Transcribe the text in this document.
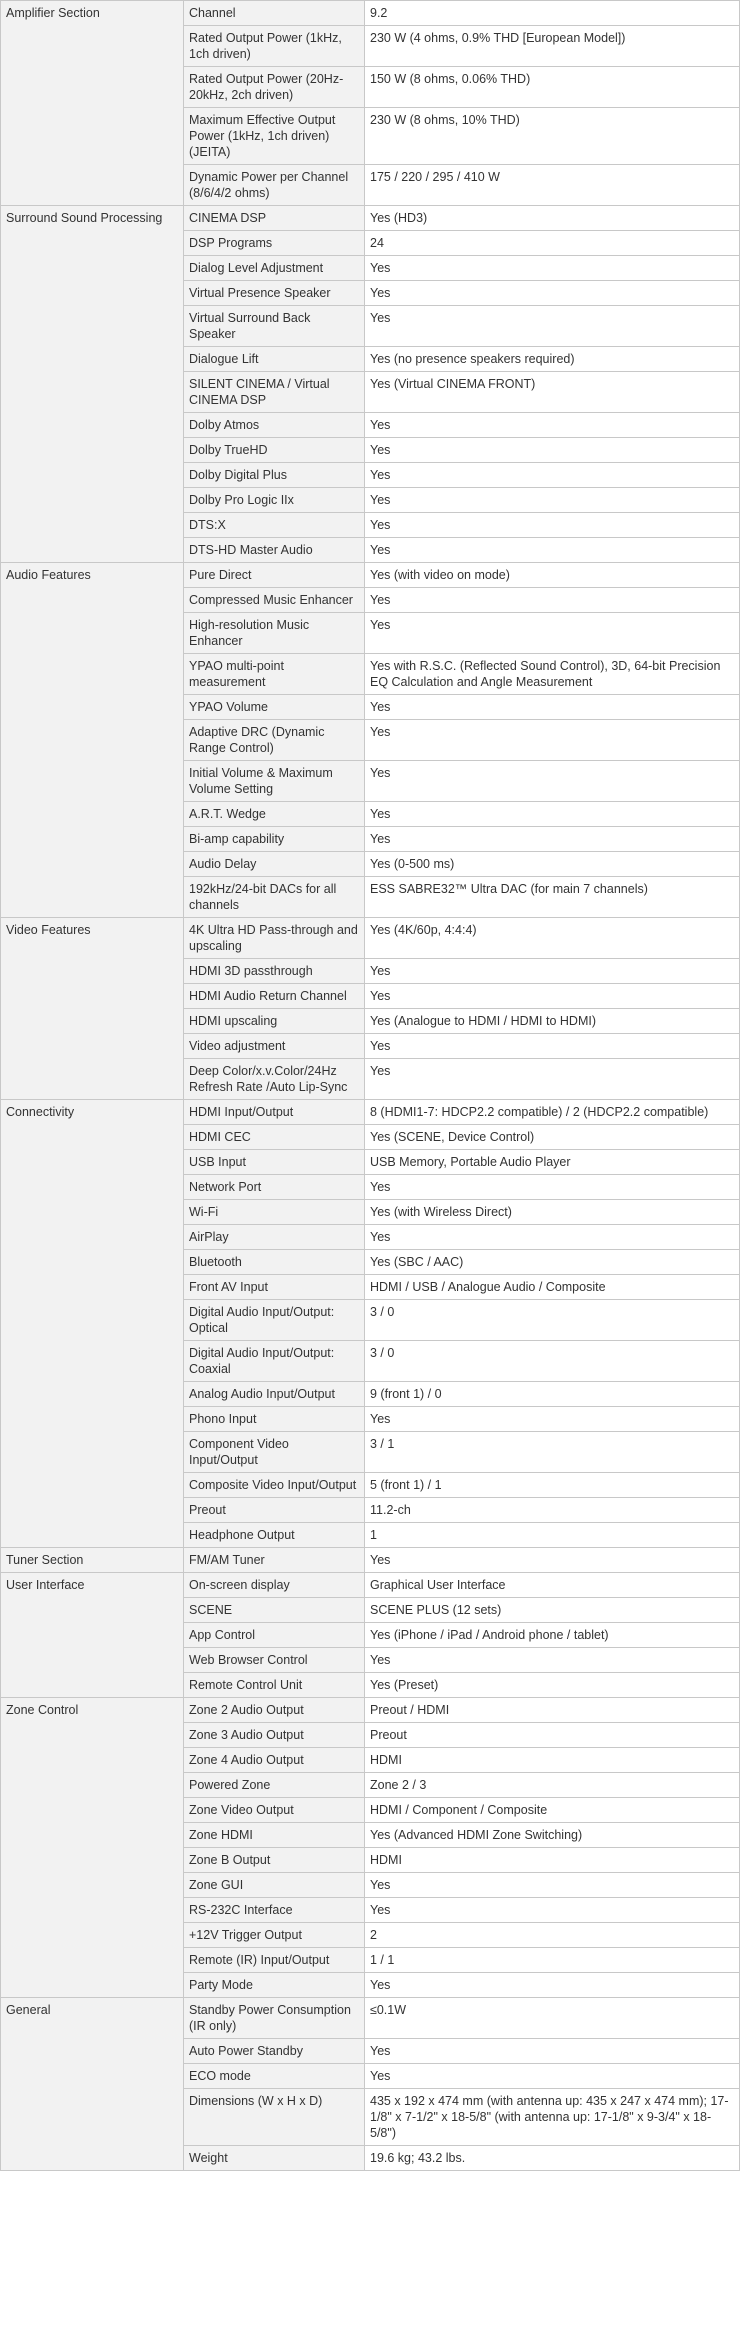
Amplifier Section	Channel	9.2
	Rated Output Power (1kHz, 1ch driven)	230 W (4 ohms, 0.9% THD [European Model])
	Rated Output Power (20Hz-20kHz, 2ch driven)	150 W (8 ohms, 0.06% THD)
	Maximum Effective Output Power (1kHz, 1ch driven) (JEITA)	230 W (8 ohms, 10% THD)
	Dynamic Power per Channel (8/6/4/2 ohms)	175 / 220 / 295 / 410 W
Surround Sound Processing	CINEMA DSP	Yes (HD3)
	DSP Programs	24
	Dialog Level Adjustment	Yes
	Virtual Presence Speaker	Yes
	Virtual Surround Back Speaker	Yes
	Dialogue Lift	Yes (no presence speakers required)
	SILENT CINEMA / Virtual CINEMA DSP	Yes (Virtual CINEMA FRONT)
	Dolby Atmos	Yes
	Dolby TrueHD	Yes
	Dolby Digital Plus	Yes
	Dolby Pro Logic IIx	Yes
	DTS:X	Yes
	DTS-HD Master Audio	Yes
Audio Features	Pure Direct	Yes (with video on mode)
	Compressed Music Enhancer	Yes
	High-resolution Music Enhancer	Yes
	YPAO multi-point measurement	Yes with R.S.C. (Reflected Sound Control), 3D, 64-bit Precision EQ Calculation and Angle Measurement
	YPAO Volume	Yes
	Adaptive DRC (Dynamic Range Control)	Yes
	Initial Volume & Maximum Volume Setting	Yes
	A.R.T. Wedge	Yes
	Bi-amp capability	Yes
	Audio Delay	Yes (0-500 ms)
	192kHz/24-bit DACs for all channels	ESS SABRE32™ Ultra DAC (for main 7 channels)
Video Features	4K Ultra HD Pass-through and upscaling	Yes (4K/60p, 4:4:4)
	HDMI 3D passthrough	Yes
	HDMI Audio Return Channel	Yes
	HDMI upscaling	Yes (Analogue to HDMI / HDMI to HDMI)
	Video adjustment	Yes
	Deep Color/x.v.Color/24Hz Refresh Rate /Auto Lip-Sync	Yes
Connectivity	HDMI Input/Output	8 (HDMI1-7: HDCP2.2 compatible) / 2 (HDCP2.2 compatible)
	HDMI CEC	Yes (SCENE, Device Control)
	USB Input	USB Memory, Portable Audio Player
	Network Port	Yes
	Wi-Fi	Yes (with Wireless Direct)
	AirPlay	Yes
	Bluetooth	Yes (SBC / AAC)
	Front AV Input	HDMI / USB / Analogue Audio / Composite
	Digital Audio Input/Output: Optical	3 / 0
	Digital Audio Input/Output: Coaxial	3 / 0
	Analog Audio Input/Output	9 (front 1) / 0
	Phono Input	Yes
	Component Video Input/Output	3 / 1
	Composite Video Input/Output	5 (front 1) / 1
	Preout	11.2-ch
	Headphone Output	1
Tuner Section	FM/AM Tuner	Yes
User Interface	On-screen display	Graphical User Interface
	SCENE	SCENE PLUS (12 sets)
	App Control	Yes (iPhone / iPad / Android phone / tablet)
	Web Browser Control	Yes
	Remote Control Unit	Yes (Preset)
Zone Control	Zone 2 Audio Output	Preout / HDMI
	Zone 3 Audio Output	Preout
	Zone 4 Audio Output	HDMI
	Powered Zone	Zone 2 / 3
	Zone Video Output	HDMI / Component / Composite
	Zone HDMI	Yes (Advanced HDMI Zone Switching)
	Zone B Output	HDMI
	Zone GUI	Yes
	RS-232C Interface	Yes
	+12V Trigger Output	2
	Remote (IR) Input/Output	1 / 1
	Party Mode	Yes
General	Standby Power Consumption (IR only)	≤0.1W
	Auto Power Standby	Yes
	ECO mode	Yes
	Dimensions (W x H x D)	435 x 192 x 474 mm (with antenna up: 435 x 247 x 474 mm); 17-1/8" x 7-1/2" x 18-5/8" (with antenna up: 17-1/8" x 9-3/4" x 18-5/8")
	Weight	19.6 kg; 43.2 lbs.
